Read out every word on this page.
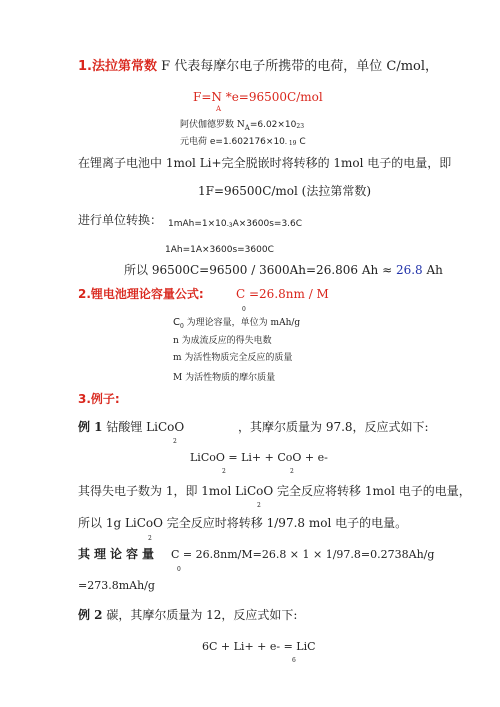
1.法拉第常数 F 代表每摩尔电子所携带的电荷，单位 C/mol，
F=N *e=96500C/mol
A
阿伏伽德罗数 $N_A=6.02\times 1023$
元电荷 e=1.602176×10- 19 C
在锂离子电池中 1mol Li+完全脱嵌时将转移的 1mol 电子的电量，即
1F=96500C/mol (法拉第常数)
进行单位转换： 1mAh=1×10-3A×3600s=3.6C
1Ah=1A×3600s=3600C
所以 96500C=96500 / 3600Ah=26.806 Ah ≈ 26.8 Ah
2.锂电池理论容量公式:	C =26.8nm / M
0
$C_0$ 为理论容量，单位为 mAh/g
n 为成流反应的得失电数
m 为活性物质完全反应的质量
M 为活性物质的摩尔质量
3.例子:
例 1 钴酸锂 LiCoO	，其摩尔质量为 97.8，反应式如下:
2
LiCoO = Li+ + CoO + e-
2	2
其得失电子数为 1，即 1mol LiCoO 完全反应将转移 1mol 电子的电量，
2
所以 1g LiCoO 完全反应时将转移 1/97.8 mol 电子的电量。
2
其理论容量 C = 26.8nm/M=26.8 × 1 × 1/97.8=0.2738Ah/g
0
=273.8mAh/g
例 2 碳，其摩尔质量为 12，反应式如下:
6C + Li+ + e- = LiC
6
